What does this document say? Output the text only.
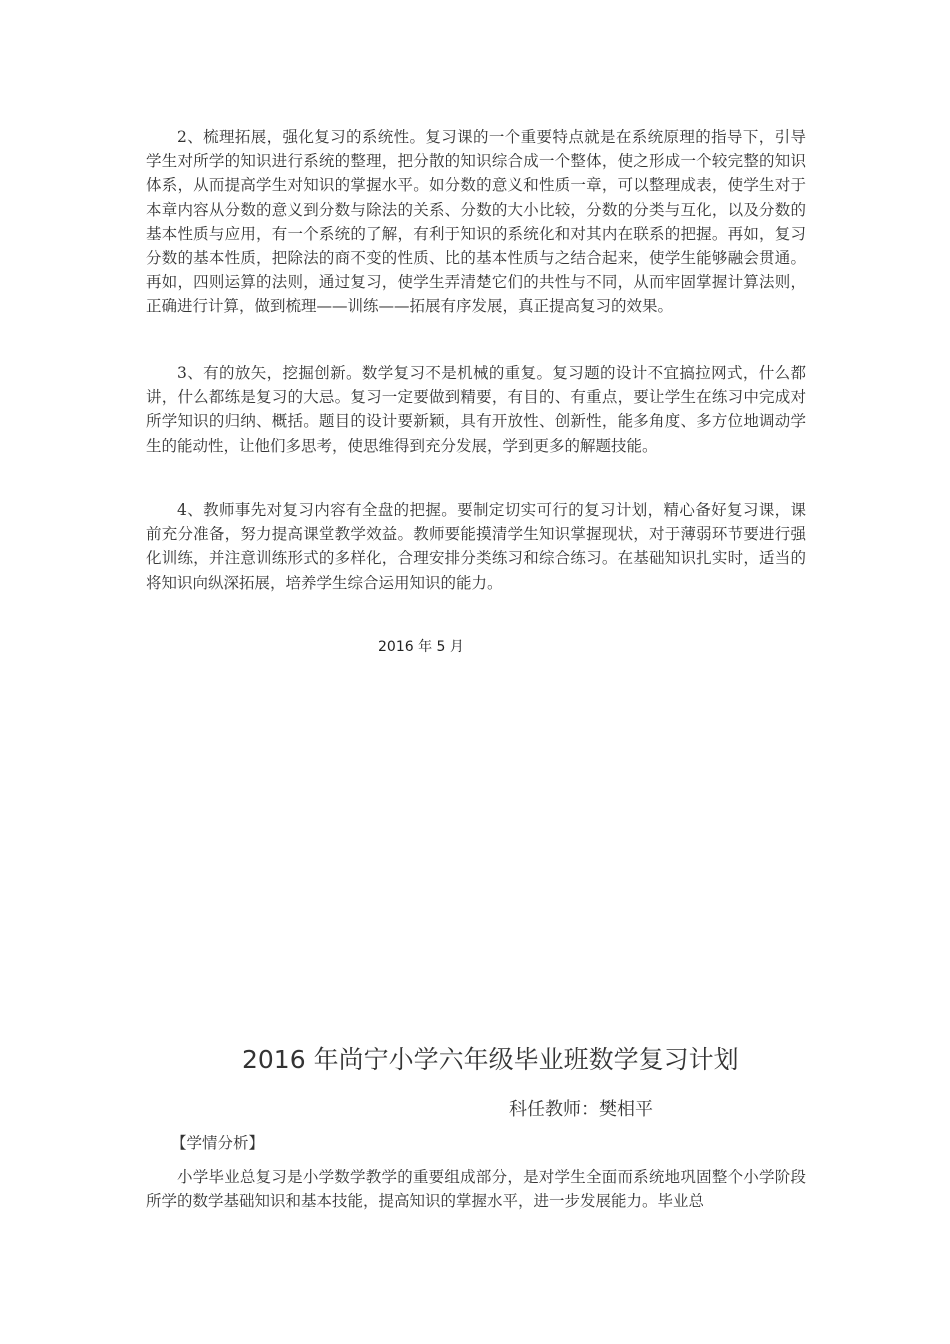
2、梳理拓展，强化复习的系统性。复习课的一个重要特点就是在系统原理的指导下，引导学生对所学的知识进行系统的整理，把分散的知识综合成一个整体，使之形成一个较完整的知识体系，从而提高学生对知识的掌握水平。如分数的意义和性质一章，可以整理成表，使学生对于本章内容从分数的意义到分数与除法的关系、分数的大小比较，分数的分类与互化，以及分数的基本性质与应用，有一个系统的了解，有利于知识的系统化和对其内在联系的把握。再如，复习分数的基本性质，把除法的商不变的性质、比的基本性质与之结合起来，使学生能够融会贯通。再如，四则运算的法则，通过复习，使学生弄清楚它们的共性与不同，从而牢固掌握计算法则，正确进行计算，做到梳理——训练——拓展有序发展，真正提高复习的效果。

3、有的放矢，挖掘创新。数学复习不是机械的重复。复习题的设计不宜搞拉网式，什么都讲，什么都练是复习的大忌。复习一定要做到精要，有目的、有重点，要让学生在练习中完成对所学知识的归纳、概括。题目的设计要新颖，具有开放性、创新性，能多角度、多方位地调动学生的能动性，让他们多思考，使思维得到充分发展，学到更多的解题技能。

4、教师事先对复习内容有全盘的把握。要制定切实可行的复习计划，精心备好复习课，课前充分准备，努力提高课堂教学效益。教师要能摸清学生知识掌握现状，对于薄弱环节要进行强化训练，并注意训练形式的多样化，合理安排分类练习和综合练习。在基础知识扎实时，适当的将知识向纵深拓展，培养学生综合运用知识的能力。

2016 年 5 月
2016 年尚宁小学六年级毕业班数学复习计划
科任教师：樊相平
【学情分析】

小学毕业总复习是小学数学教学的重要组成部分，是对学生全面而系统地巩固整个小学阶段所学的数学基础知识和基本技能，提高知识的掌握水平，进一步发展能力。毕业总
